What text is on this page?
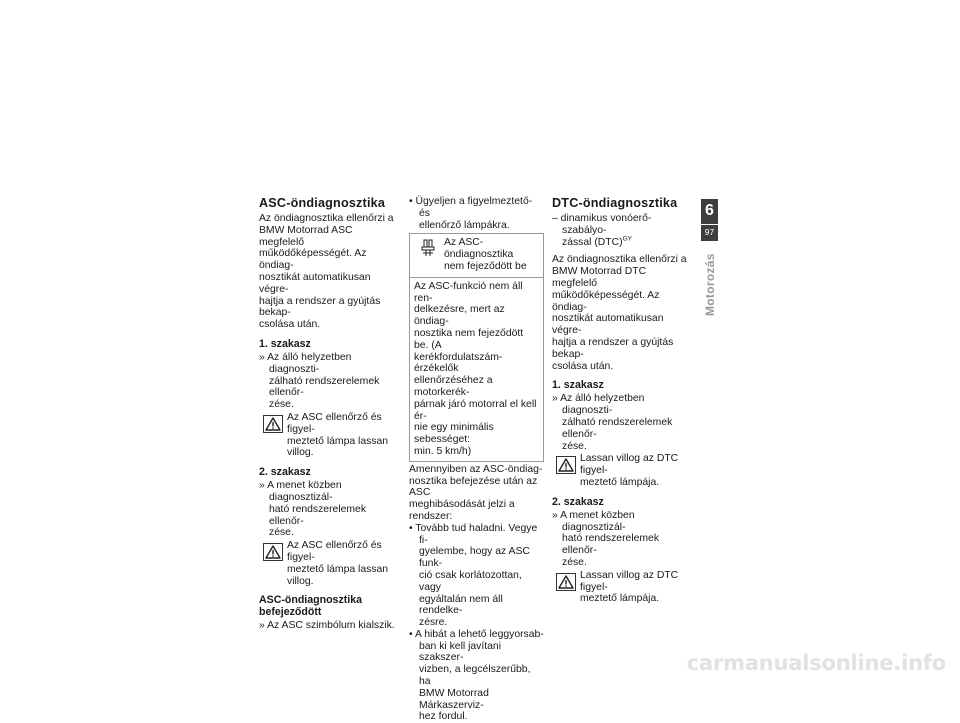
ASC-öndiagnosztika

Az öndiagnosztika ellenőrzi a
BMW Motorrad ASC megfelelő
működőképességét. Az öndiag-
nosztikát automatikusan végre-
hajtja a rendszer a gyújtás bekap-
csolása után.

1. szakasz

» Az álló helyzetben diagnoszti-
zálható rendszerelemek ellenőr-
zése.

Az ASC ellenőrző és figyel-
meztető lámpa lassan villog.
2. szakasz

» A menet közben diagnosztizál-
ható rendszerelemek ellenőr-
zése.

Az ASC ellenőrző és figyel-
meztető lámpa lassan villog.
ASC-öndiagnosztika
befejeződött

» Az ASC szimbólum kialszik.

• Ügyeljen a figyelmeztető- és
ellenőrző lámpákra.

Az ASC-öndiagnosztika
nem fejeződött be
Az ASC-funkció nem áll ren-
delkezésre, mert az öndiag-
nosztika nem fejeződött be. (A
kerékfordulatszám-érzékelők
ellenőrzéséhez a motorkerék-
párnak járó motorral el kell ér-
nie egy minimális sebességet:
min. 5 km/h)

Amennyiben az ASC-öndiag-
nosztika befejezése után az ASC
meghibásodását jelzi a rendszer:

• Tovább tud haladni. Vegye fi-
gyelembe, hogy az ASC funk-
ció csak korlátozottan, vagy
egyáltalán nem áll rendelke-
zésre.

• A hibát a lehető leggyorsab-
ban ki kell javítani szakszer-
vizben, a legcélszerűbb, ha
BMW Motorrad Márkaszerviz-
hez fordul.

DTC-öndiagnosztika

– dinamikus vonóerő-szabályo-
zással (DTC)$^{GY}$

Az öndiagnosztika ellenőrzi a
BMW Motorrad DTC megfelelő
működőképességét. Az öndiag-
nosztikát automatikusan végre-
hajtja a rendszer a gyújtás bekap-
csolása után.

1. szakasz

» Az álló helyzetben diagnoszti-
zálható rendszerelemek ellenőr-
zése.

Lassan villog az DTC figyel-
meztető lámpája.
2. szakasz

» A menet közben diagnosztizál-
ható rendszerelemek ellenőr-
zése.

Lassan villog az DTC figyel-
meztető lámpája.
6
97
Motorozás
carmanualsonline.info
